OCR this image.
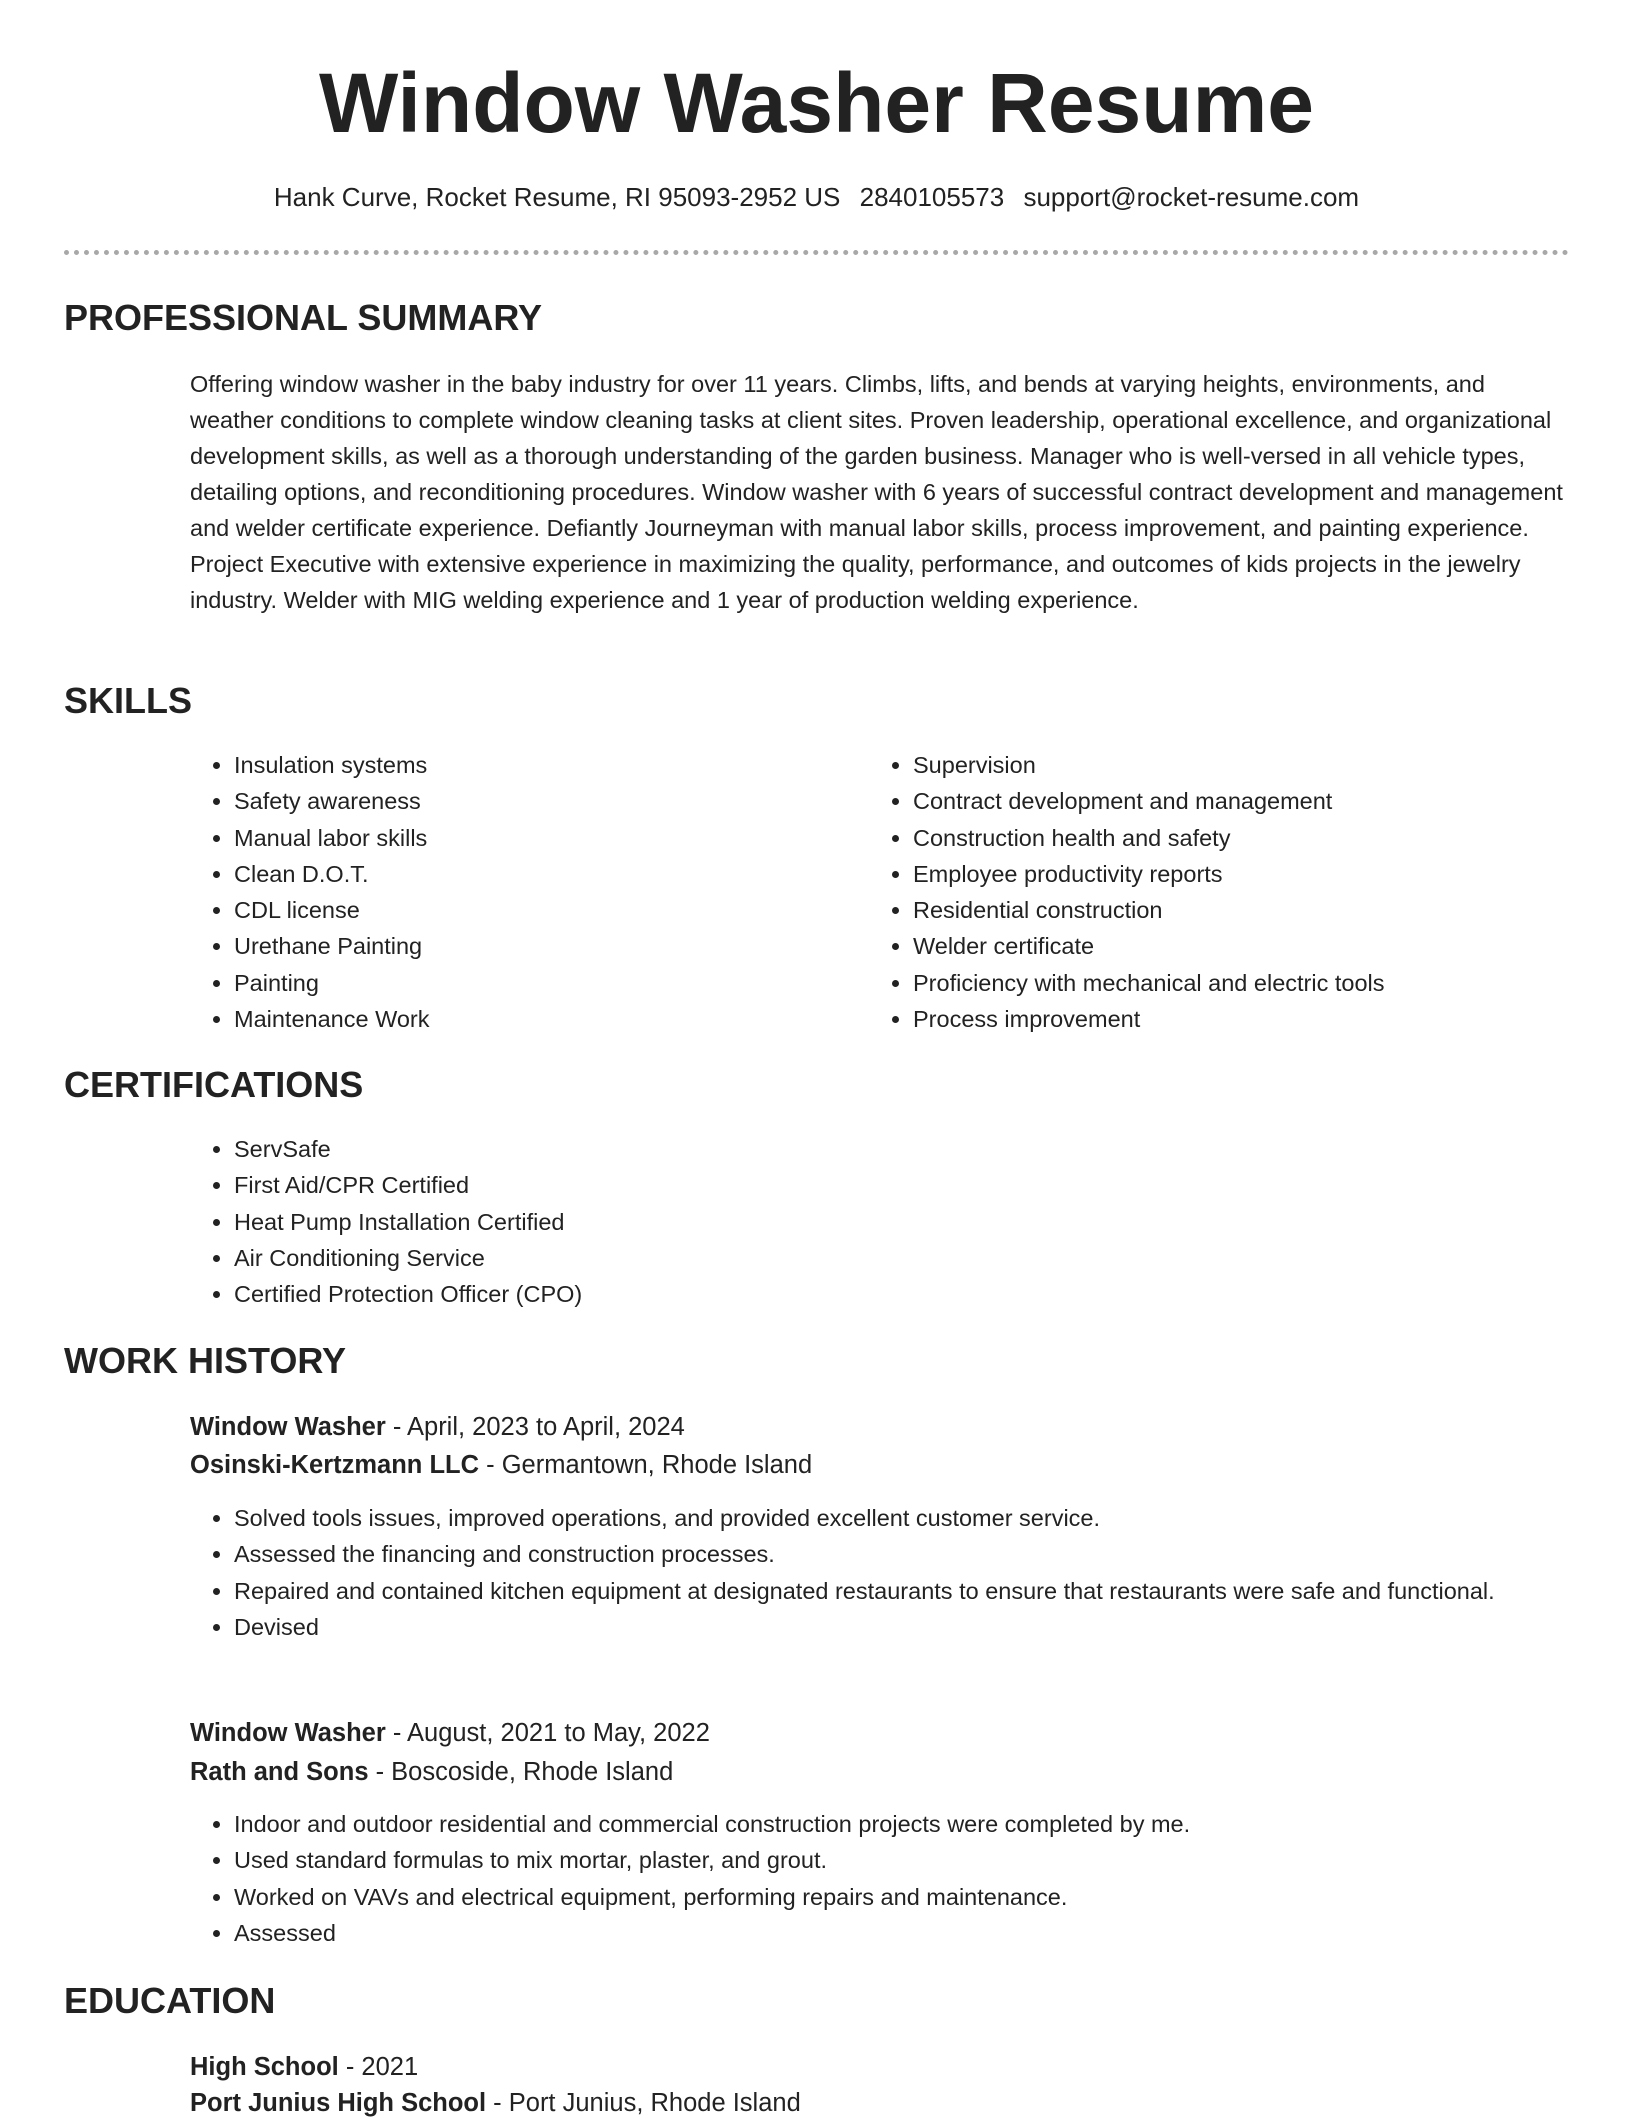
Window Washer Resume
Hank Curve, Rocket Resume, RI 95093-2952 US 2840105573 support@rocket-resume.com
PROFESSIONAL SUMMARY

Offering window washer in the baby industry for over 11 years. Climbs, lifts, and bends at varying heights, environments, and weather conditions to complete window cleaning tasks at client sites. Proven leadership, operational excellence, and organizational development skills, as well as a thorough understanding of the garden business. Manager who is well-versed in all vehicle types, detailing options, and reconditioning procedures. Window washer with 6 years of successful contract development and management and welder certificate experience. Defiantly Journeyman with manual labor skills, process improvement, and painting experience. Project Executive with extensive experience in maximizing the quality, performance, and outcomes of kids projects in the jewelry industry. Welder with MIG welding experience and 1 year of production welding experience.

SKILLS
• Insulation systems
• Safety awareness
• Manual labor skills
• Clean D.O.T.
• CDL license
• Urethane Painting
• Painting
• Maintenance Work
• Supervision
• Contract development and management
• Construction health and safety
• Employee productivity reports
• Residential construction
• Welder certificate
• Proficiency with mechanical and electric tools
• Process improvement
CERTIFICATIONS
• ServSafe
• First Aid/CPR Certified
• Heat Pump Installation Certified
• Air Conditioning Service
• Certified Protection Officer (CPO)
WORK HISTORY
Window Washer - April, 2023 to April, 2024
Osinski-Kertzmann LLC - Germantown, Rhode Island
• Solved tools issues, improved operations, and provided excellent customer service.
• Assessed the financing and construction processes.
• Repaired and contained kitchen equipment at designated restaurants to ensure that restaurants were safe and functional.
• Devised
Window Washer - August, 2021 to May, 2022
Rath and Sons - Boscoside, Rhode Island
• Indoor and outdoor residential and commercial construction projects were completed by me.
• Used standard formulas to mix mortar, plaster, and grout.
• Worked on VAVs and electrical equipment, performing repairs and maintenance.
• Assessed
EDUCATION
High School - 2021
Port Junius High School - Port Junius, Rhode Island
